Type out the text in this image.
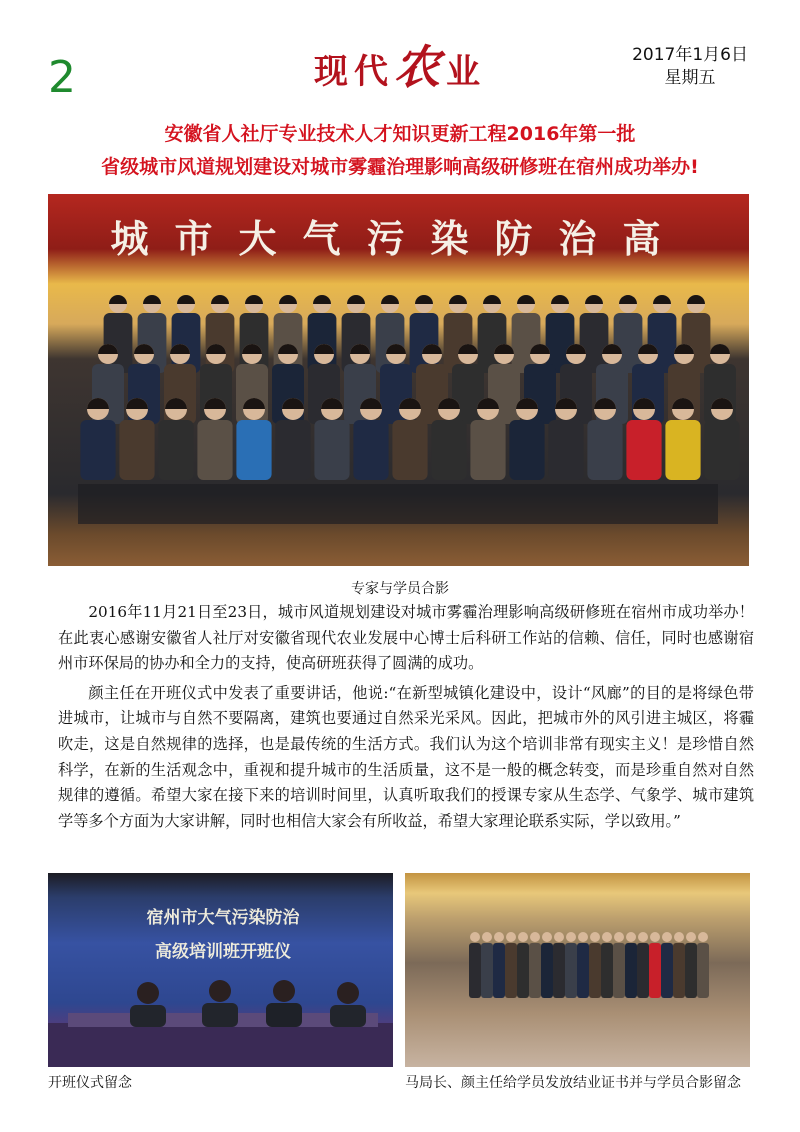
2	现代农业	2017年1月6日
星期五
安徽省人社厅专业技术人才知识更新工程2016年第一批
省级城市风道规划建设对城市雾霾治理影响高级研修班在宿州成功举办!
城市大气污染防治高
专家与学员合影

2016年11月21日至23日，城市风道规划建设对城市雾霾治理影响高级研修班在宿州市成功举办！在此衷心感谢安徽省人社厅对安徽省现代农业发展中心博士后科研工作站的信赖、信任，同时也感谢宿州市环保局的协办和全力的支持，使高研班获得了圆满的成功。

颜主任在开班仪式中发表了重要讲话，他说:“在新型城镇化建设中，设计“风廊”的目的是将绿色带进城市，让城市与自然不要隔离，建筑也要通过自然采光采风。因此，把城市外的风引进主城区，将霾吹走，这是自然规律的选择，也是最传统的生活方式。我们认为这个培训非常有现实主义！是珍惜自然科学，在新的生活观念中，重视和提升城市的生活质量，这不是一般的概念转变，而是珍重自然对自然规律的遵循。希望大家在接下来的培训时间里，认真听取我们的授课专家从生态学、气象学、城市建筑学等多个方面为大家讲解，同时也相信大家会有所收益，希望大家理论联系实际，学以致用。”

宿州市大气污染防治
高级培训班开班仪
开班仪式留念	马局长、颜主任给学员发放结业证书并与学员合影留念
